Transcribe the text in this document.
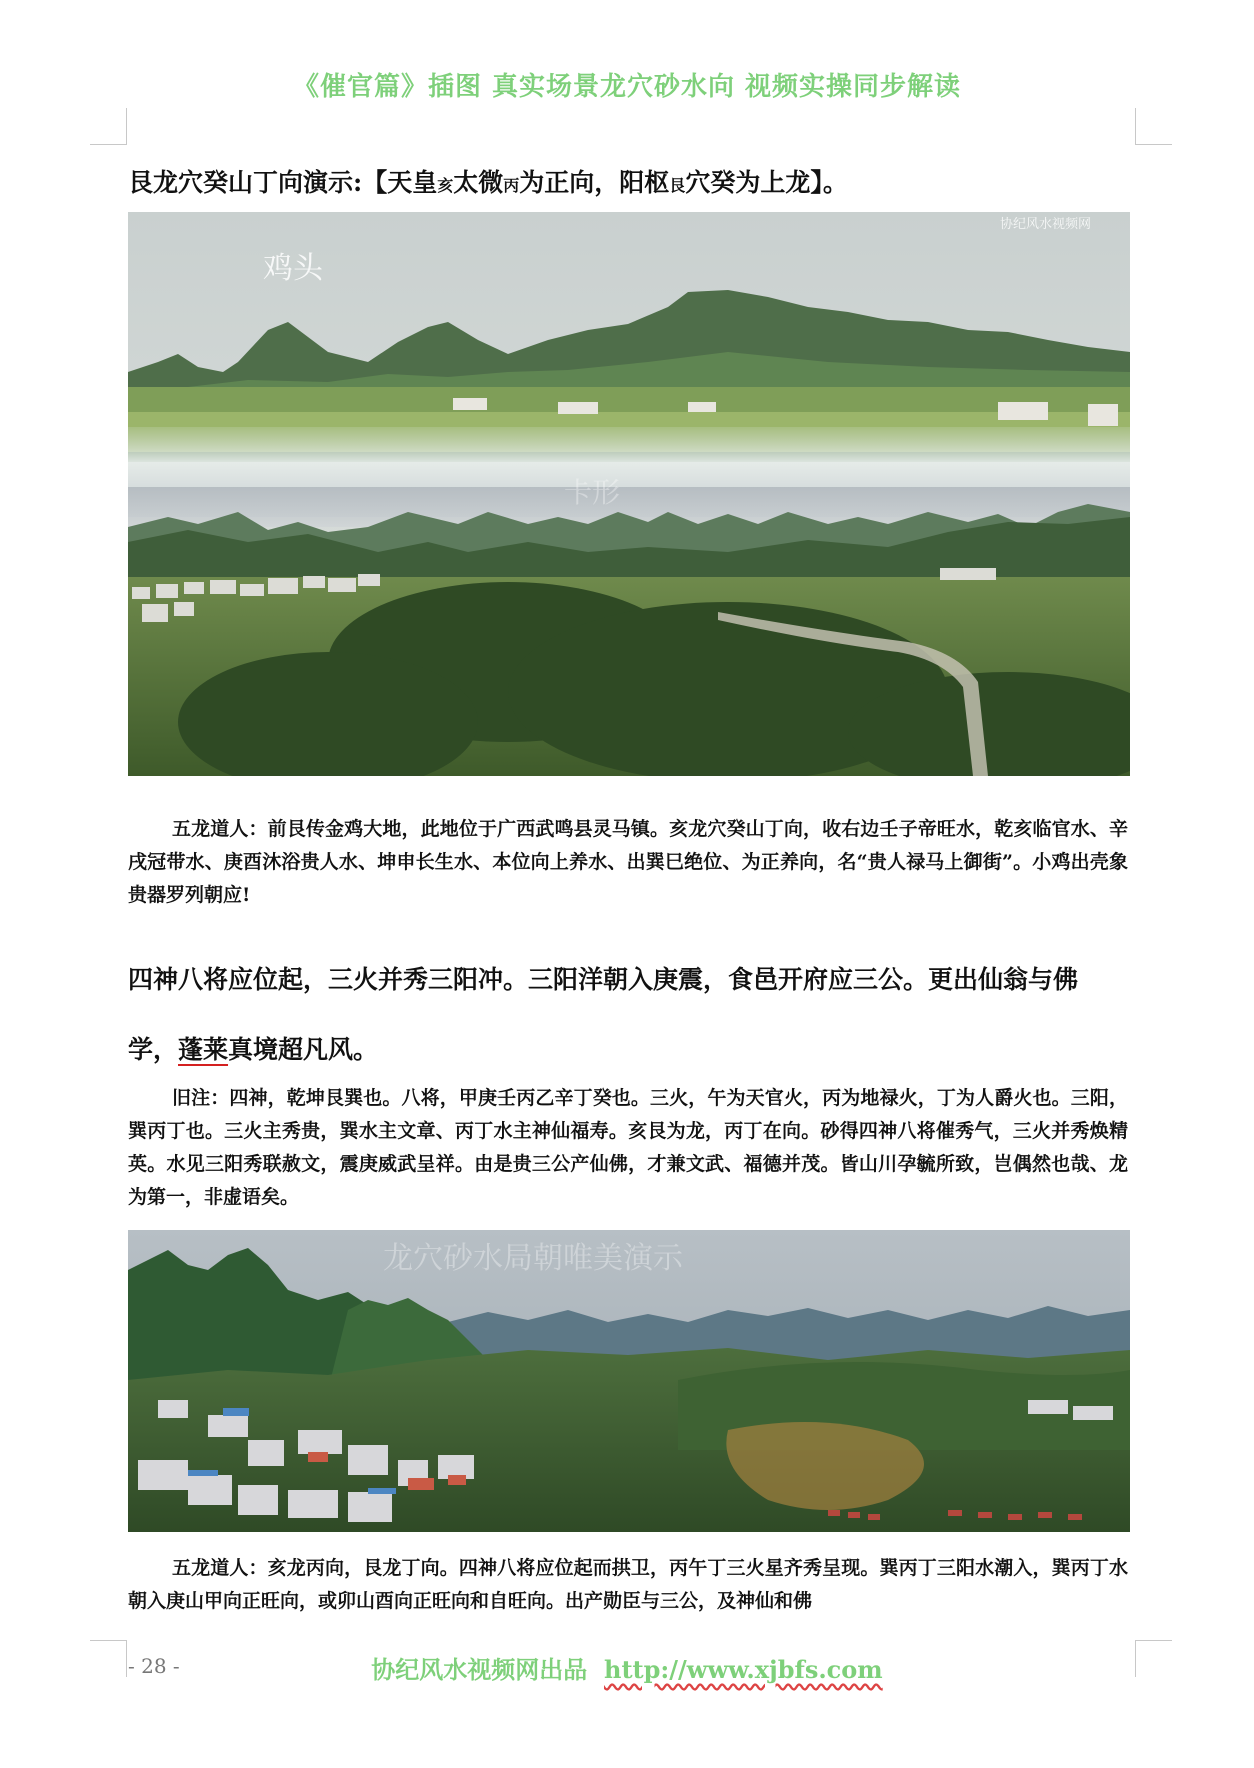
《催官篇》插图 真实场景龙穴砂水向 视频实操同步解读
艮龙穴癸山丁向演示:【天皇亥太微丙为正向，阳枢艮穴癸为上龙】。
协纪风水视频网
鸡头
卡形
五龙道人：前艮传金鸡大地，此地位于广西武鸣县灵马镇。亥龙穴癸山丁向，收右边壬子帝旺水，乾亥临官水、辛戌冠带水、庚酉沐浴贵人水、坤申长生水、本位向上养水、出巽巳绝位、为正养向，名“贵人禄马上御街”。小鸡出壳象贵器罗列朝应!
四神八将应位起，三火并秀三阳冲。三阳洋朝入庚震，食邑开府应三公。更出仙翁与佛
学，蓬莱真境超凡风。
旧注：四神，乾坤艮巽也。八将，甲庚壬丙乙辛丁癸也。三火，午为天官火，丙为地禄火，丁为人爵火也。三阳，巽丙丁也。三火主秀贵，巽水主文章、丙丁水主神仙福寿。亥艮为龙，丙丁在向。砂得四神八将催秀气，三火并秀焕精英。水见三阳秀联赦文，震庚威武呈祥。由是贵三公产仙佛，才兼文武、福德并茂。皆山川孕毓所致，岂偶然也哉、龙为第一，非虚语矣。
龙穴砂水局朝唯美演示
五龙道人：亥龙丙向，艮龙丁向。四神八将应位起而拱卫，丙午丁三火星齐秀呈现。巽丙丁三阳水潮入，巽丙丁水朝入庚山甲向正旺向，或卯山酉向正旺向和自旺向。出产勋臣与三公，及神仙和佛
- 28 -	协纪风水视频网出品 http://www.xjbfs.com
